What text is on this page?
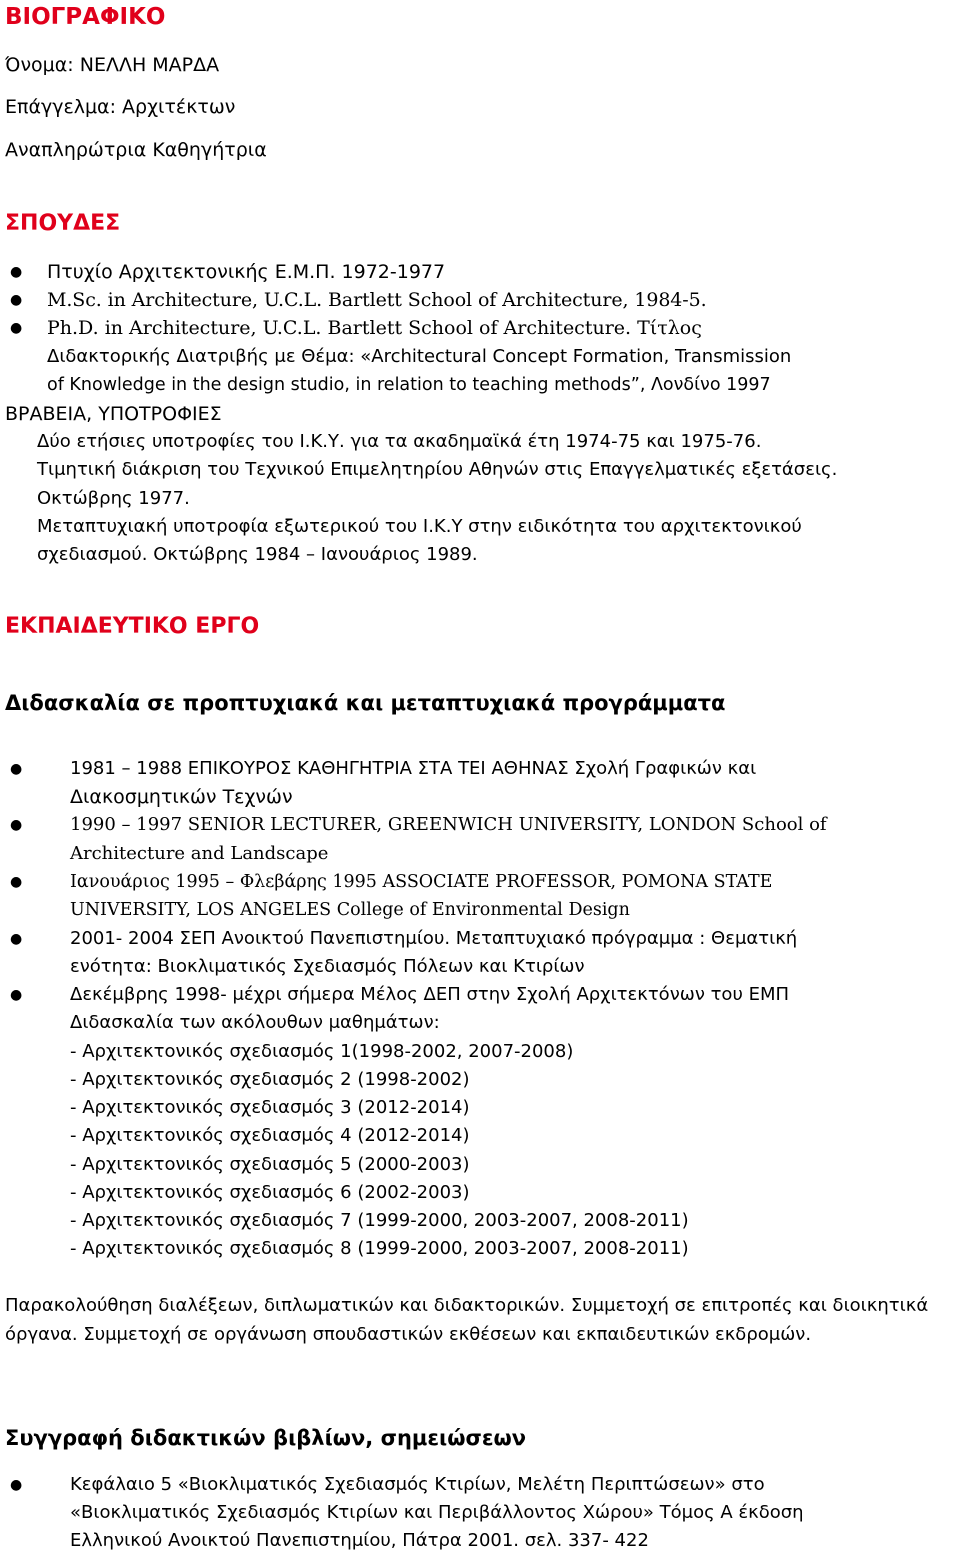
ΒΙΟΓΡΑΦΙΚΟ
Όνομα: ΝΕΛΛΗ ΜΑΡΔΑ
Επάγγελμα: Αρχιτέκτων
Αναπληρώτρια Καθηγήτρια
ΣΠΟΥΔΕΣ
● Πτυχίο Αρχιτεκτονικής Ε.Μ.Π. 1972-1977
● M.Sc. in Architecture, U.C.L. Bartlett School of Architecture, 1984-5.
● Ph.D. in Architecture, U.C.L. Bartlett School of Architecture. Τίτλος
Διδακτορικής Διατριβής με Θέμα: «Architectural Concept Formation, Transmission
of Knowledge in the design studio, in relation to teaching methods”, Λονδίνο 1997
ΒΡΑΒΕΙΑ, ΥΠΟΤΡΟΦΙΕΣ
Δύο ετήσιες υποτροφίες του Ι.Κ.Υ. για τα ακαδημαϊκά έτη 1974-75 και 1975-76.
Τιμητική διάκριση του Τεχνικού Επιμελητηρίου Αθηνών στις Επαγγελματικές εξετάσεις.
Οκτώβρης 1977.
Μεταπτυχιακή υποτροφία εξωτερικού του Ι.Κ.Υ στην ειδικότητα του αρχιτεκτονικού
σχεδιασμού. Οκτώβρης 1984 – Ιανουάριος 1989.
ΕΚΠΑΙΔΕΥΤΙΚΟ ΕΡΓΟ
Διδασκαλία σε προπτυχιακά και μεταπτυχιακά προγράμματα
●	1981 – 1988 ΕΠΙΚΟΥΡΟΣ ΚΑΘΗΓΗΤΡΙΑ ΣΤΑ ΤΕΙ ΑΘΗΝΑΣ Σχολή Γραφικών και
Διακοσμητικών Τεχνών
●	1990 – 1997 SENIOR LECTURER, GREENWICH UNIVERSITY, LONDON School of
Architecture and Landscape
●	Ιανουάριος 1995 – Φλεβάρης 1995 ASSOCIATE PROFESSOR, POMONA STATE
UNIVERSITY, LOS ANGELES College of Environmental Design
●	2001- 2004 ΣΕΠ Ανοικτού Πανεπιστημίου. Μεταπτυχιακό πρόγραμμα : Θεματική
ενότητα: Βιοκλιματικός Σχεδιασμός Πόλεων και Κτιρίων
●	Δεκέμβρης 1998- μέχρι σήμερα Μέλος ΔΕΠ στην Σχολή Αρχιτεκτόνων του ΕΜΠ
Διδασκαλία των ακόλουθων μαθημάτων:
- Αρχιτεκτονικός σχεδιασμός 1(1998-2002, 2007-2008)
- Αρχιτεκτονικός σχεδιασμός 2 (1998-2002)
- Αρχιτεκτονικός σχεδιασμός 3 (2012-2014)
- Αρχιτεκτονικός σχεδιασμός 4 (2012-2014)
- Αρχιτεκτονικός σχεδιασμός 5 (2000-2003)
- Αρχιτεκτονικός σχεδιασμός 6 (2002-2003)
- Αρχιτεκτονικός σχεδιασμός 7 (1999-2000, 2003-2007, 2008-2011)
- Αρχιτεκτονικός σχεδιασμός 8 (1999-2000, 2003-2007, 2008-2011)
Παρακολούθηση διαλέξεων, διπλωματικών και διδακτορικών. Συμμετοχή σε επιτροπές και διοικητικά όργανα. Συμμετοχή σε οργάνωση σπουδαστικών εκθέσεων και εκπαιδευτικών εκδρομών.
Συγγραφή διδακτικών βιβλίων, σημειώσεων
●	Κεφάλαιο 5 «Βιοκλιματικός Σχεδιασμός Κτιρίων, Μελέτη Περιπτώσεων» στο
«Βιοκλιματικός Σχεδιασμός Κτιρίων και Περιβάλλοντος Χώρου» Τόμος Α έκδοση
Ελληνικού Ανοικτού Πανεπιστημίου, Πάτρα 2001. σελ. 337- 422
